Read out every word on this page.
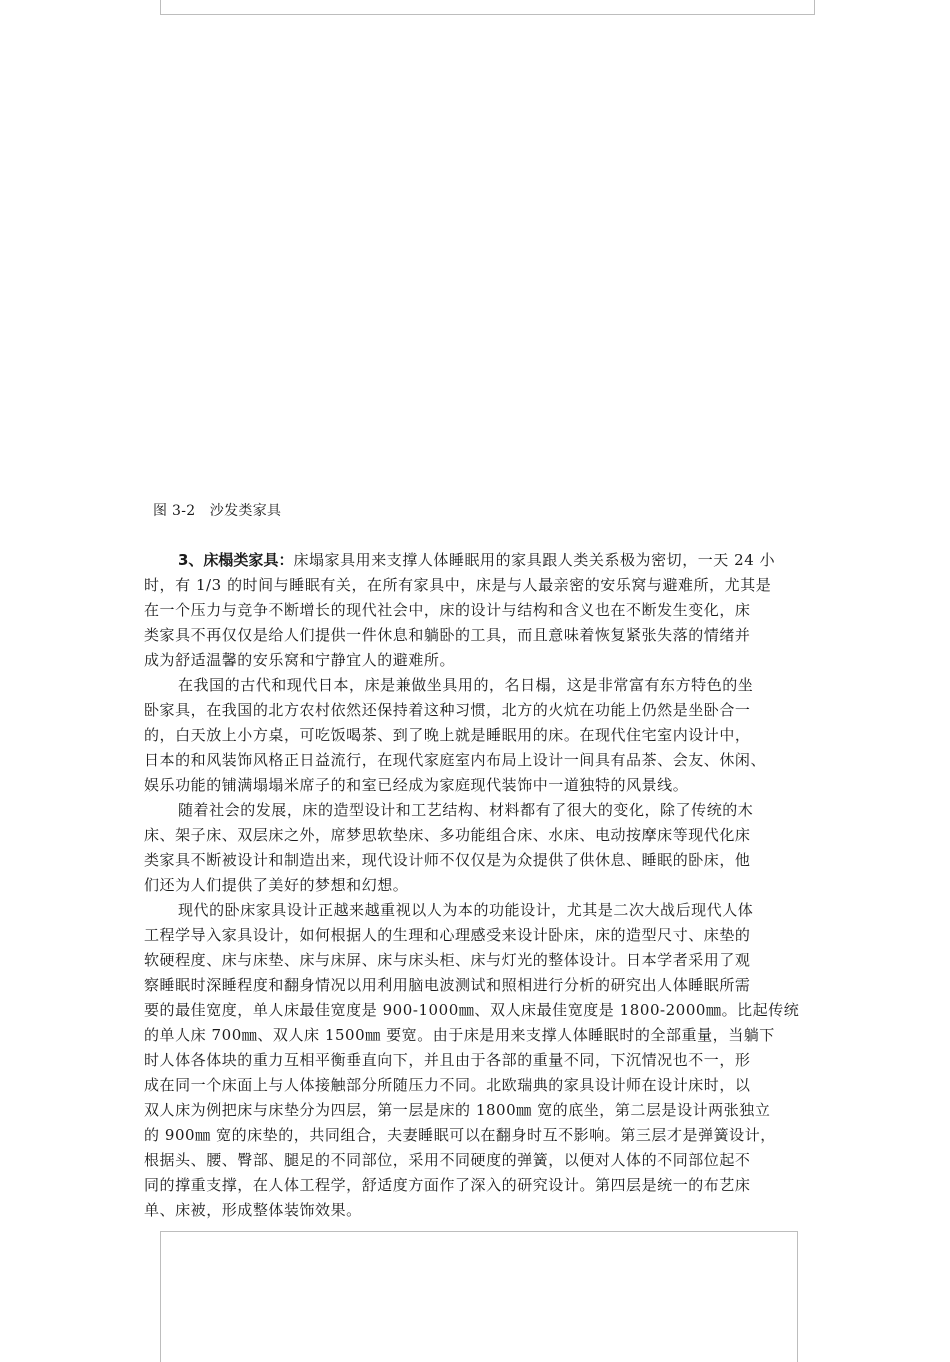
图 3-2　沙发类家具
3、床榻类家具：床塌家具用来支撑人体睡眠用的家具跟人类关系极为密切，一天 24 小
时，有 1/3 的时间与睡眠有关，在所有家具中，床是与人最亲密的安乐窝与避难所，尤其是
在一个压力与竞争不断增长的现代社会中，床的设计与结构和含义也在不断发生变化，床
类家具不再仅仅是给人们提供一件休息和躺卧的工具，而且意味着恢复紧张失落的情绪并
成为舒适温馨的安乐窝和宁静宜人的避难所。
在我国的古代和现代日本，床是兼做坐具用的，名日榻，这是非常富有东方特色的坐
卧家具，在我国的北方农村依然还保持着这种习惯，北方的火炕在功能上仍然是坐卧合一
的，白天放上小方桌，可吃饭喝茶、到了晚上就是睡眠用的床。在现代住宅室内设计中，
日本的和风装饰风格正日益流行，在现代家庭室内布局上设计一间具有品茶、会友、休闲、
娱乐功能的铺满塌塌米席子的和室已经成为家庭现代装饰中一道独特的风景线。
随着社会的发展，床的造型设计和工艺结构、材料都有了很大的变化，除了传统的木
床、架子床、双层床之外，席梦思软垫床、多功能组合床、水床、电动按摩床等现代化床
类家具不断被设计和制造出来，现代设计师不仅仅是为众提供了供休息、睡眠的卧床，他
们还为人们提供了美好的梦想和幻想。
现代的卧床家具设计正越来越重视以人为本的功能设计，尤其是二次大战后现代人体
工程学导入家具设计，如何根据人的生理和心理感受来设计卧床，床的造型尺寸、床垫的
软硬程度、床与床垫、床与床屏、床与床头柜、床与灯光的整体设计。日本学者采用了观
察睡眠时深睡程度和翻身情况以用利用脑电波测试和照相进行分析的研究出人体睡眠所需
要的最佳宽度，单人床最佳宽度是 900-1000㎜、双人床最佳宽度是 1800-2000㎜。比起传统
的单人床 700㎜、双人床 1500㎜ 要宽。由于床是用来支撑人体睡眠时的全部重量，当躺下
时人体各体块的重力互相平衡垂直向下，并且由于各部的重量不同，下沉情况也不一，形
成在同一个床面上与人体接触部分所随压力不同。北欧瑞典的家具设计师在设计床时，以
双人床为例把床与床垫分为四层，第一层是床的 1800㎜ 宽的底坐，第二层是设计两张独立
的 900㎜ 宽的床垫的，共同组合，夫妻睡眠可以在翻身时互不影响。第三层才是弹簧设计，
根据头、腰、臀部、腿足的不同部位，采用不同硬度的弹簧，以便对人体的不同部位起不
同的撑重支撑，在人体工程学，舒适度方面作了深入的研究设计。第四层是统一的布艺床
单、床被，形成整体装饰效果。
